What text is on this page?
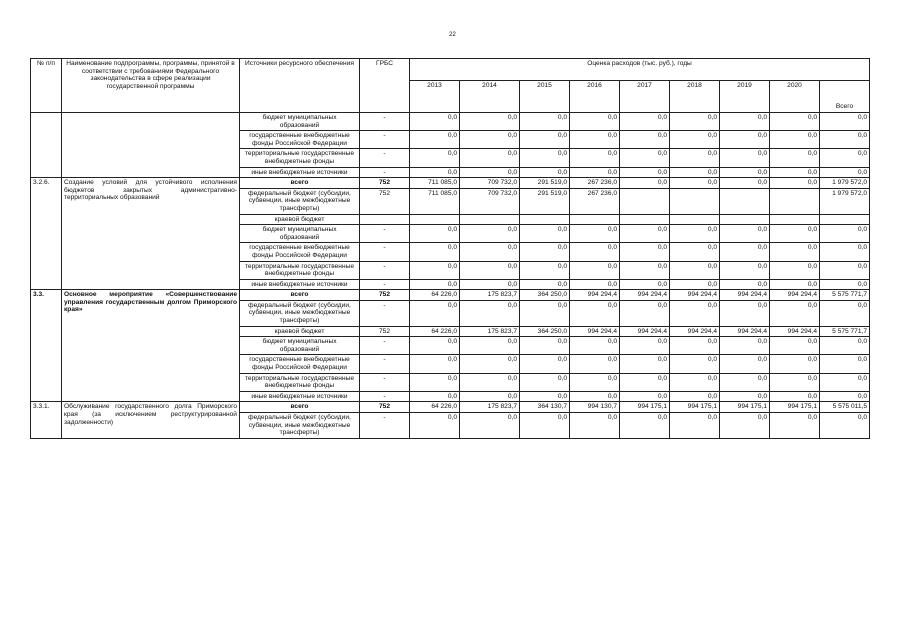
22
№ п/п	Наименование подпрограммы, программы, принятой в соответствии с требованиями Федерального законодательства в сфере реализации государственной программы	Источники ресурсного обеспечения	ГРБС	Оценка расходов (тыс. руб.), годы								
				2013	2014	2015	2016	2017	2018	2019	2020	Всего
		бюджет муниципальных образований	-	0,0	0,0	0,0	0,0	0,0	0,0	0,0	0,0	0,0
		государственные внебюджетные фонды Российской Федерации	-	0,0	0,0	0,0	0,0	0,0	0,0	0,0	0,0	0,0
		территориальные государственные внебюджетные фонды	-	0,0	0,0	0,0	0,0	0,0	0,0	0,0	0,0	0,0
		иные внебюджетные источники	-	0,0	0,0	0,0	0,0	0,0	0,0	0,0	0,0	0,0
3.2.6.	Создание условий для устойчивого исполнения бюджетов закрытых административно-территориальных образований	всего	752	711 085,0	709 732,0	291 519,0	267 236,0	0,0	0,0	0,0	0,0	1 979 572,0
		федеральный бюджет (субсидии, субвенции, иные межбюджетные трансферты)	752	711 085,0	709 732,0	291 519,0	267 236,0					1 979 572,0
		краевой бюджет										
		бюджет муниципальных образований	-	0,0	0,0	0,0	0,0	0,0	0,0	0,0	0,0	0,0
		государственные внебюджетные фонды Российской Федерации	-	0,0	0,0	0,0	0,0	0,0	0,0	0,0	0,0	0,0
		территориальные государственные внебюджетные фонды	-	0,0	0,0	0,0	0,0	0,0	0,0	0,0	0,0	0,0
		иные внебюджетные источники	-	0,0	0,0	0,0	0,0	0,0	0,0	0,0	0,0	0,0
3.3.	Основное мероприятие «Совершенствование управления государственным долгом Приморского края»	всего	752	64 226,0	175 823,7	364 250,0	994 294,4	994 294,4	994 294,4	994 294,4	994 294,4	5 575 771,7
		федеральный бюджет (субсидии, субвенции, иные межбюджетные трансферты)	-	0,0	0,0	0,0	0,0	0,0	0,0	0,0	0,0	0,0
		краевой бюджет	752	64 226,0	175 823,7	364 250,0	994 294,4	994 294,4	994 294,4	994 294,4	994 294,4	5 575 771,7
		бюджет муниципальных образований	-	0,0	0,0	0,0	0,0	0,0	0,0	0,0	0,0	0,0
		государственные внебюджетные фонды Российской Федерации	-	0,0	0,0	0,0	0,0	0,0	0,0	0,0	0,0	0,0
		территориальные государственные внебюджетные фонды	-	0,0	0,0	0,0	0,0	0,0	0,0	0,0	0,0	0,0
		иные внебюджетные источники	-	0,0	0,0	0,0	0,0	0,0	0,0	0,0	0,0	0,0
3.3.1.	Обслуживание государственного долга Приморского края (за исключением реструктурированной задолженности)	всего	752	64 226,0	175 823,7	364 130,7	994 130,7	994 175,1	994 175,1	994 175,1	994 175,1	5 575 011,5
		федеральный бюджет (субсидии, субвенции, иные межбюджетные трансферты)	-	0,0	0,0	0,0	0,0	0,0	0,0	0,0	0,0	0,0
